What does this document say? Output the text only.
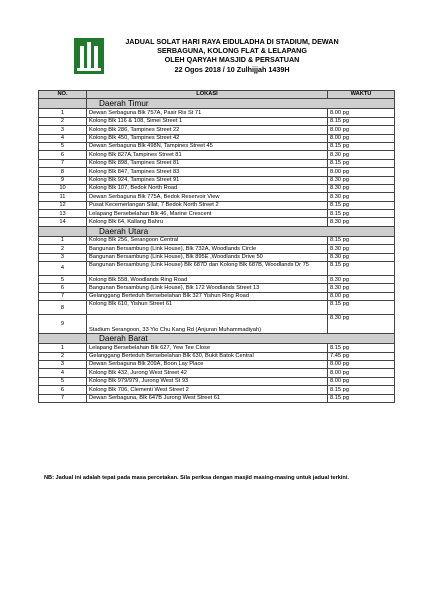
JADUAL SOLAT HARI RAYA EIDULADHA DI STADIUM, DEWAN
SERBAGUNA, KOLONG FLAT & LELAPANG
OLEH QARYAH MASJID & PERSATUAN
22 Ogos 2018 / 10 Zulhijjah 1439H
NO.	LOKASI	WAKTU
	Daerah Timur	
1	Dewan Serbaguna Blk 757A, Pasir Ris St 71	8.00 pg
2	Kolong Blk 116 & 108, Simei Street 1	8.15 pg
3	Kolong Blk 286, Tampines Street 22	8.00 pg
4	Kolong Blk 450, Tampines Street 42	8.00 pg
5	Dewan Serbaguna Blk 498N, Tampines Street 45	8.15 pg
6	Kolong Blk 827A,Tampines Street 81	8.30 pg
7	Kolong Blk 898, Tampines Street 81	8.15 pg
8	Kolong Blk 847, Tampines Street 83	8.00 pg
9	Kolong Blk 924, Tampines Street 91	8.30 pg
10	Kolong Blk 107, Bedok North Road	8.30 pg
11	Dewan Serbaguna Blk 775A, Bedok Reservoir View	8.30 pg
12	Pusat Kecemerlangan Silat, 7 Bedok North Street 2	8.15 pg
13	Lelapang Bersebelahan Blk 46, Marine Crescent	8.15 pg
14	Kolong Blk 64, Kallang Bahru	8.30 pg
	Daerah Utara	
1	Kolong Blk 256, Serangoon Central	8.15 pg
2	Bangunan Bersambung (Link House), Blk 732A, Woodlands Circle	8.30 pg
3	Bangunan Bersambung (Link House), Blk 895E ,Woodlands Drive 50	8.30 pg
4	Bangunan Bersambung (Link House) Blk 687D dan Kolong Blk 687B, Woodlands Dr 75	8.15 pg
5	Kolong Blk 558, Woodlands Ring Road	8.30 pg
6	Bangunan Bersambung (Link House), Blk 172 Woodlands Street 13	8.30 pg
7	Gelanggang Berteduh Bersebelahan Blk 327 Yishun Ring Road	8.00 pg
8	Kolong Blk 610, Yishun Street 61	8.15 pg
9	Stadium Serangoon, 33 Yio Chu Kang Rd (Anjuran Muhammadiyah)	8.30 pg
	Daerah Barat	
1	Lelapang Bersebelahan Blk 627, Yew Tee Close	8.15 pg
2	Gelanggang Berteduh Bersebelahan Blk 630, Bukit Batok Central	7.45 pg
3	Dewan Serbaguna Blk 209A, Boon Lay Place	8.00 pg
4	Kolong Blk 432, Jurong West Street 42	8.00 pg
5	Kolong Blk 979/979, Jurong West St 93	8.00 pg
6	Kolong Blk 706, Clementi West Street 2	8.15 pg
7	Dewan Serbaguna, Blk 647B Jurong West Street 61	8.15 pg
NB: Jadual ini adalah tepat pada masa percetakan. Sila periksa dengan masjid masing-masing untuk jadual terkini.
